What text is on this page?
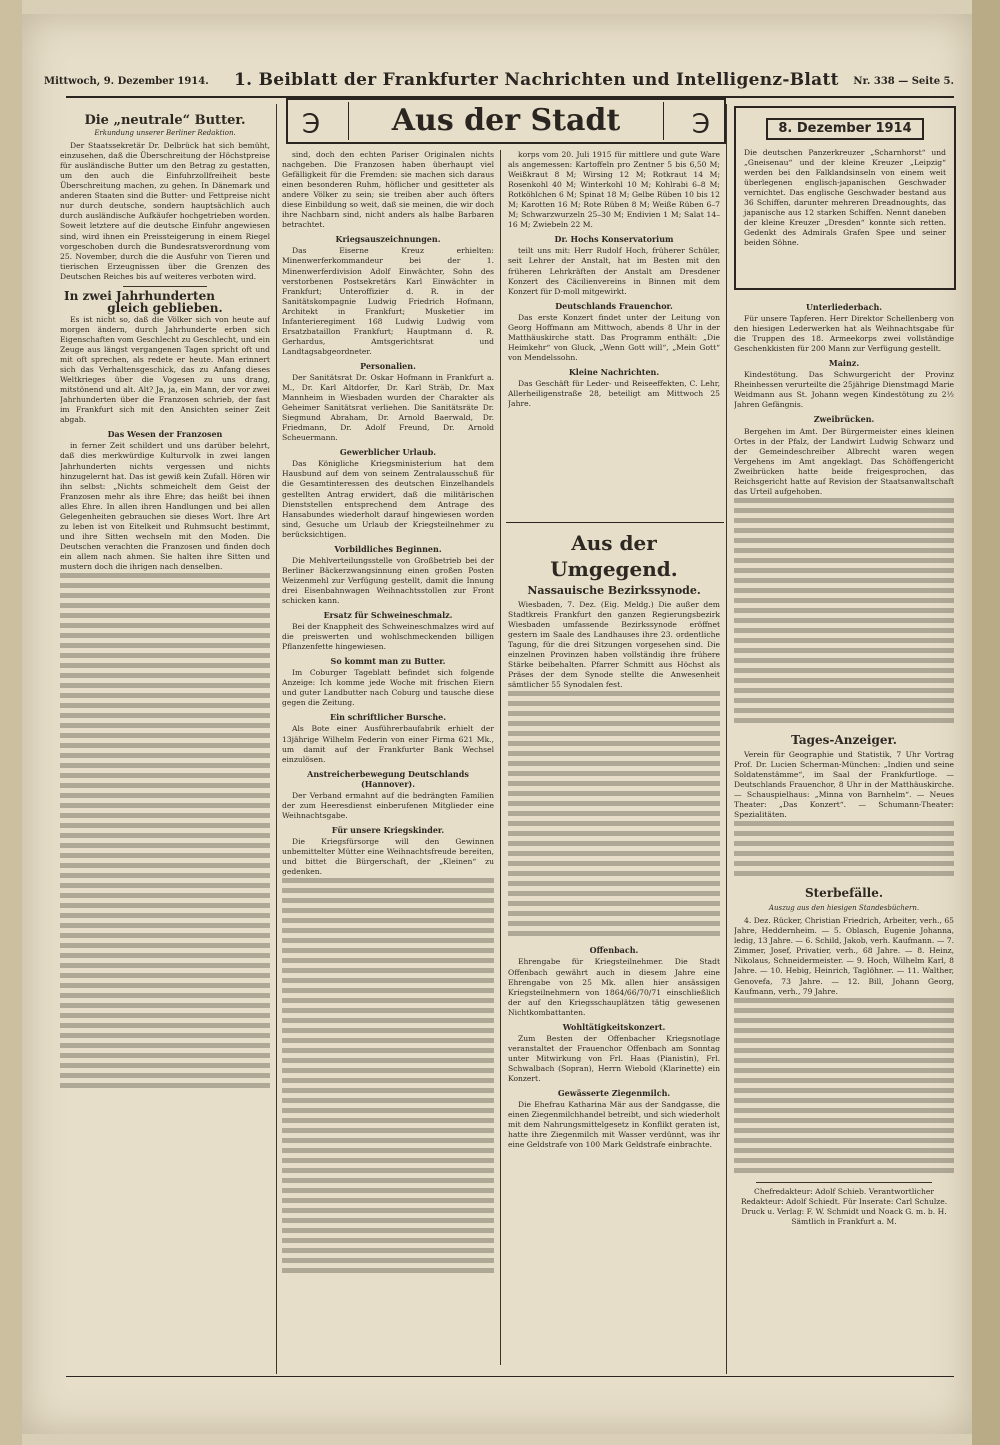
Mittwoch, 9. Dezember 1914. 1. Beiblatt der Frankfurter Nachrichten und Intelligenz-Blatt Nr. 338 — Seite 5.
℈	Aus der Stadt	℈
Die „neutrale“ Butter.
Erkundung unserer Berliner Redaktion.

Der Staatssekretär Dr. Delbrück hat sich bemüht, einzusehen, daß die Überschreitung der Höchstpreise für ausländische Butter um den Betrag zu gestatten, um den auch die Einfuhrzollfreiheit beste Überschreitung machen, zu gehen. In Dänemark und anderen Staaten sind die Butter- und Fettpreise nicht nur durch deutsche, sondern hauptsächlich auch durch ausländische Aufkäufer hochgetrieben worden. Soweit letztere auf die deutsche Einfuhr angewiesen sind, wird ihnen ein Preissteigerung in einem Riegel vorgeschoben durch die Bundesratsverordnung vom 25. November, durch die die Ausfuhr von Tieren und tierischen Erzeugnissen über die Grenzen des Deutschen Reiches bis auf weiteres verboten wird.

In zwei Jahrhunderten
gleich geblieben.

Es ist nicht so, daß die Völker sich von heute auf morgen ändern, durch Jahrhunderte erben sich Eigenschaften vom Geschlecht zu Geschlecht, und ein Zeuge aus längst vergangenen Tagen spricht oft und mit oft sprechen, als redete er heute. Man erinnert sich das Verhaltensgeschick, das zu Anfang dieses Weltkrieges über die Vogesen zu uns drang, mitstönend und alt. Alt? Ja, ja, ein Mann, der vor zwei Jahrhunderten über die Franzosen schrieb, der fast im Frankfurt sich mit den Ansichten seiner Zeit abgab.

Das Wesen der Franzosen

in ferner Zeit schildert und uns darüber belehrt, daß dies merkwürdige Kulturvolk in zwei langen Jahrhunderten nichts vergessen und nichts hinzugelernt hat. Das ist gewiß kein Zufall. Hören wir ihn selbst: „Nichts schmeichelt dem Geist der Franzosen mehr als ihre Ehre; das heißt bei ihnen alles Ehre. In allen ihren Handlungen und bei allen Gelegenheiten gebrauchen sie dieses Wort. Ihre Art zu leben ist von Eitelkeit und Ruhmsucht bestimmt, und ihre Sitten wechseln mit den Moden. Die Deutschen verachten die Franzosen und finden doch ein allem nach ahmen. Sie halten ihre Sitten und mustern doch die ihrigen nach denselben.

sind, doch den echten Pariser Originalen nichts nachgeben. Die Franzosen haben überhaupt viel Gefälligkeit für die Fremden: sie machen sich daraus einen besonderen Ruhm, höflicher und gesitteter als andere Völker zu sein; sie treiben aber auch öfters diese Einbildung so weit, daß sie meinen, die wir doch ihre Nachbarn sind, nicht anders als halbe Barbaren betrachtet.

Kriegsauszeichnungen.

Das Eiserne Kreuz erhielten: Minenwerferkommandeur bei der 1. Minenwerferdivision Adolf Einwächter, Sohn des verstorbenen Postsekretärs Karl Einwächter in Frankfurt; Unteroffizier d. R. in der Sanitätskompagnie Ludwig Friedrich Hofmann, Architekt in Frankfurt; Musketier im Infanterieregiment 168 Ludwig Ludwig vom Ersatzbataillon Frankfurt; Hauptmann d. R. Gerhardus, Amtsgerichtsrat und Landtagsabgeordneter.

Personalien.

Der Sanitätsrat Dr. Oskar Hofmann in Frankfurt a. M., Dr. Karl Altdorfer, Dr. Karl Sträb, Dr. Max Mannheim in Wiesbaden wurden der Charakter als Geheimer Sanitätsrat verliehen. Die Sanitätsräte Dr. Siegmund Abraham, Dr. Arnold Baerwald, Dr. Friedmann, Dr. Adolf Freund, Dr. Arnold Scheuermann.

Gewerblicher Urlaub.

Das Königliche Kriegsministerium hat dem Hausbund auf dem von seinem Zentralausschuß für die Gesamtinteressen des deutschen Einzelhandels gestellten Antrag erwidert, daß die militärischen Dienststellen entsprechend dem Antrage des Hansabundes wiederholt darauf hingewiesen worden sind, Gesuche um Urlaub der Kriegsteilnehmer zu berücksichtigen.

Vorbildliches Beginnen.

Die Mehlverteilungsstelle von Großbetrieb bei der Berliner Bäckerzwangsinnung einen großen Posten Weizenmehl zur Verfügung gestellt, damit die Innung drei Eisenbahnwagen Weihnachtsstollen zur Front schicken kann.

Ersatz für Schweineschmalz.

Bei der Knappheit des Schweineschmalzes wird auf die preiswerten und wohlschmeckenden billigen Pflanzenfette hingewiesen.

So kommt man zu Butter.

Im Coburger Tageblatt befindet sich folgende Anzeige: Ich komme jede Woche mit frischen Eiern und guter Landbutter nach Coburg und tausche diese gegen die Zeitung.

Ein schriftlicher Bursche.

Als Bote einer Ausführerbaufabrik erhielt der 13jährige Wilhelm Federin von einer Firma 621 Mk., um damit auf der Frankfurter Bank Wechsel einzulösen.

Anstreicherbewegung Deutschlands (Hannover).

Der Verband ermahnt auf die bedrängten Familien der zum Heeresdienst einberufenen Mitglieder eine Weihnachtsgabe.

Für unsere Kriegskinder.

Die Kriegsfürsorge will den Gewinnen unbemittelter Mütter eine Weihnachtsfreude bereiten, und bittet die Bürgerschaft, der „Kleinen“ zu gedenken.

korps vom 20. Juli 1915 für mittlere und gute Ware als angemessen: Kartoffeln pro Zentner 5 bis 6,50 M; Weißkraut 8 M; Wirsing 12 M; Rotkraut 14 M; Rosenkohl 40 M; Winterkohl 10 M; Kohlrabi 6–8 M; Rotköhlchen 6 M; Spinat 18 M; Gelbe Rüben 10 bis 12 M; Karotten 16 M; Rote Rüben 8 M; Weiße Rüben 6–7 M; Schwarzwurzeln 25–30 M; Endivien 1 M; Salat 14–16 M; Zwiebeln 22 M.

Dr. Hochs Konservatorium

teilt uns mit: Herr Rudolf Hoch, früherer Schüler, seit Lehrer der Anstalt, hat im Besten mit den früheren Lehrkräften der Anstalt am Dresdener Konzert des Cäcilienvereins in Binnen mit dem Konzert für D-moll mitgewirkt.

Deutschlands Frauenchor.

Das erste Konzert findet unter der Leitung von Georg Hoffmann am Mittwoch, abends 8 Uhr in der Matthäuskirche statt. Das Programm enthält: „Die Heimkehr“ von Gluck, „Wenn Gott will“, „Mein Gott“ von Mendelssohn.

Kleine Nachrichten.

Das Geschäft für Leder- und Reiseeffekten, C. Lehr, Allerheiligenstraße 28, beteiligt am Mittwoch 25 Jahre.

Aus der Umgegend.
Nassauische Bezirkssynode.

Wiesbaden, 7. Dez. (Eig. Meldg.) Die außer dem Stadtkreis Frankfurt den ganzen Regierungsbezirk Wiesbaden umfassende Bezirkssynode eröffnet gestern im Saale des Landhauses ihre 23. ordentliche Tagung, für die drei Sitzungen vorgesehen sind. Die einzelnen Provinzen haben vollständig ihre frühere Stärke beibehalten. Pfarrer Schmitt aus Höchst als Präses der dem Synode stellte die Anwesenheit sämtlicher 55 Synodalen fest.

Offenbach.

Ehrengabe für Kriegsteilnehmer. Die Stadt Offenbach gewährt auch in diesem Jahre eine Ehrengabe von 25 Mk. allen hier ansässigen Kriegsteilnehmern von 1864/66/70/71 einschließlich der auf den Kriegsschauplätzen tätig gewesenen Nichtkombattanten.

Wohltätigkeitskonzert.

Zum Besten der Offenbacher Kriegsnotlage veranstaltet der Frauenchor Offenbach am Sonntag unter Mitwirkung von Frl. Haas (Pianistin), Frl. Schwalbach (Sopran), Herrn Wiebold (Klarinette) ein Konzert.

Gewässerte Ziegenmilch.

Die Ehefrau Katharina Mär aus der Sandgasse, die einen Ziegenmilchhandel betreibt, und sich wiederholt mit dem Nahrungsmittelgesetz in Konflikt geraten ist, hatte ihre Ziegenmilch mit Wasser verdünnt, was ihr eine Geldstrafe von 100 Mark Geldstrafe einbrachte.

8. Dezember 1914
Die deutschen Panzerkreuzer „Scharnhorst“ und „Gneisenau“ und der kleine Kreuzer „Leipzig“ werden bei den Falklandsinseln von einem weit überlegenen englisch-japanischen Geschwader vernichtet. Das englische Geschwader bestand aus 36 Schiffen, darunter mehreren Dreadnoughts, das japanische aus 12 starken Schiffen. Nennt daneben der kleine Kreuzer „Dresden“ konnte sich retten. Gedenkt des Admirals Grafen Spee und seiner beiden Söhne.
Unterliederbach.

Für unsere Tapferen. Herr Direktor Schellenberg von den hiesigen Lederwerken hat als Weihnachtsgabe für die Truppen des 18. Armeekorps zwei vollständige Geschenkkisten für 200 Mann zur Verfügung gestellt.

Mainz.

Kindestötung. Das Schwurgericht der Provinz Rheinhessen verurteilte die 25jährige Dienstmagd Marie Weidmann aus St. Johann wegen Kindestötung zu 2½ Jahren Gefängnis.

Zweibrücken.

Bergehen im Amt. Der Bürgermeister eines kleinen Ortes in der Pfalz, der Landwirt Ludwig Schwarz und der Gemeindeschreiber Albrecht waren wegen Vergehens im Amt angeklagt. Das Schöffengericht Zweibrücken hatte beide freigesprochen, das Reichsgericht hatte auf Revision der Staatsanwaltschaft das Urteil aufgehoben.

Tages-Anzeiger.

Verein für Geographie und Statistik, 7 Uhr Vortrag Prof. Dr. Lucien Scherman-München: „Indien und seine Soldatenstämme“, im Saal der Frankfurtloge. — Deutschlands Frauenchor, 8 Uhr in der Matthäuskirche. — Schauspielhaus: „Minna von Barnhelm“. — Neues Theater: „Das Konzert“. — Schumann-Theater: Spezialitäten.

Sterbefälle.
Auszug aus den hiesigen Standesbüchern.

4. Dez. Rücker, Christian Friedrich, Arbeiter, verh., 65 Jahre, Heddernheim. — 5. Oblasch, Eugenie Johanna, ledig, 13 Jahre. — 6. Schild, Jakob, verh. Kaufmann. — 7. Zimmer, Josef, Privatier, verh., 68 Jahre. — 8. Heinz, Nikolaus, Schneidermeister. — 9. Hoch, Wilhelm Karl, 8 Jahre. — 10. Hebig, Heinrich, Taglöhner. — 11. Walther, Genovefa, 73 Jahre. — 12. Bill, Johann Georg, Kaufmann, verh., 79 Jahre.

Chefredakteur: Adolf Schieb. Verantwortlicher Redakteur: Adolf Schiedt. Für Inserate: Carl Schulze. Druck u. Verlag: F. W. Schmidt und Noack G. m. b. H. Sämtlich in Frankfurt a. M.
